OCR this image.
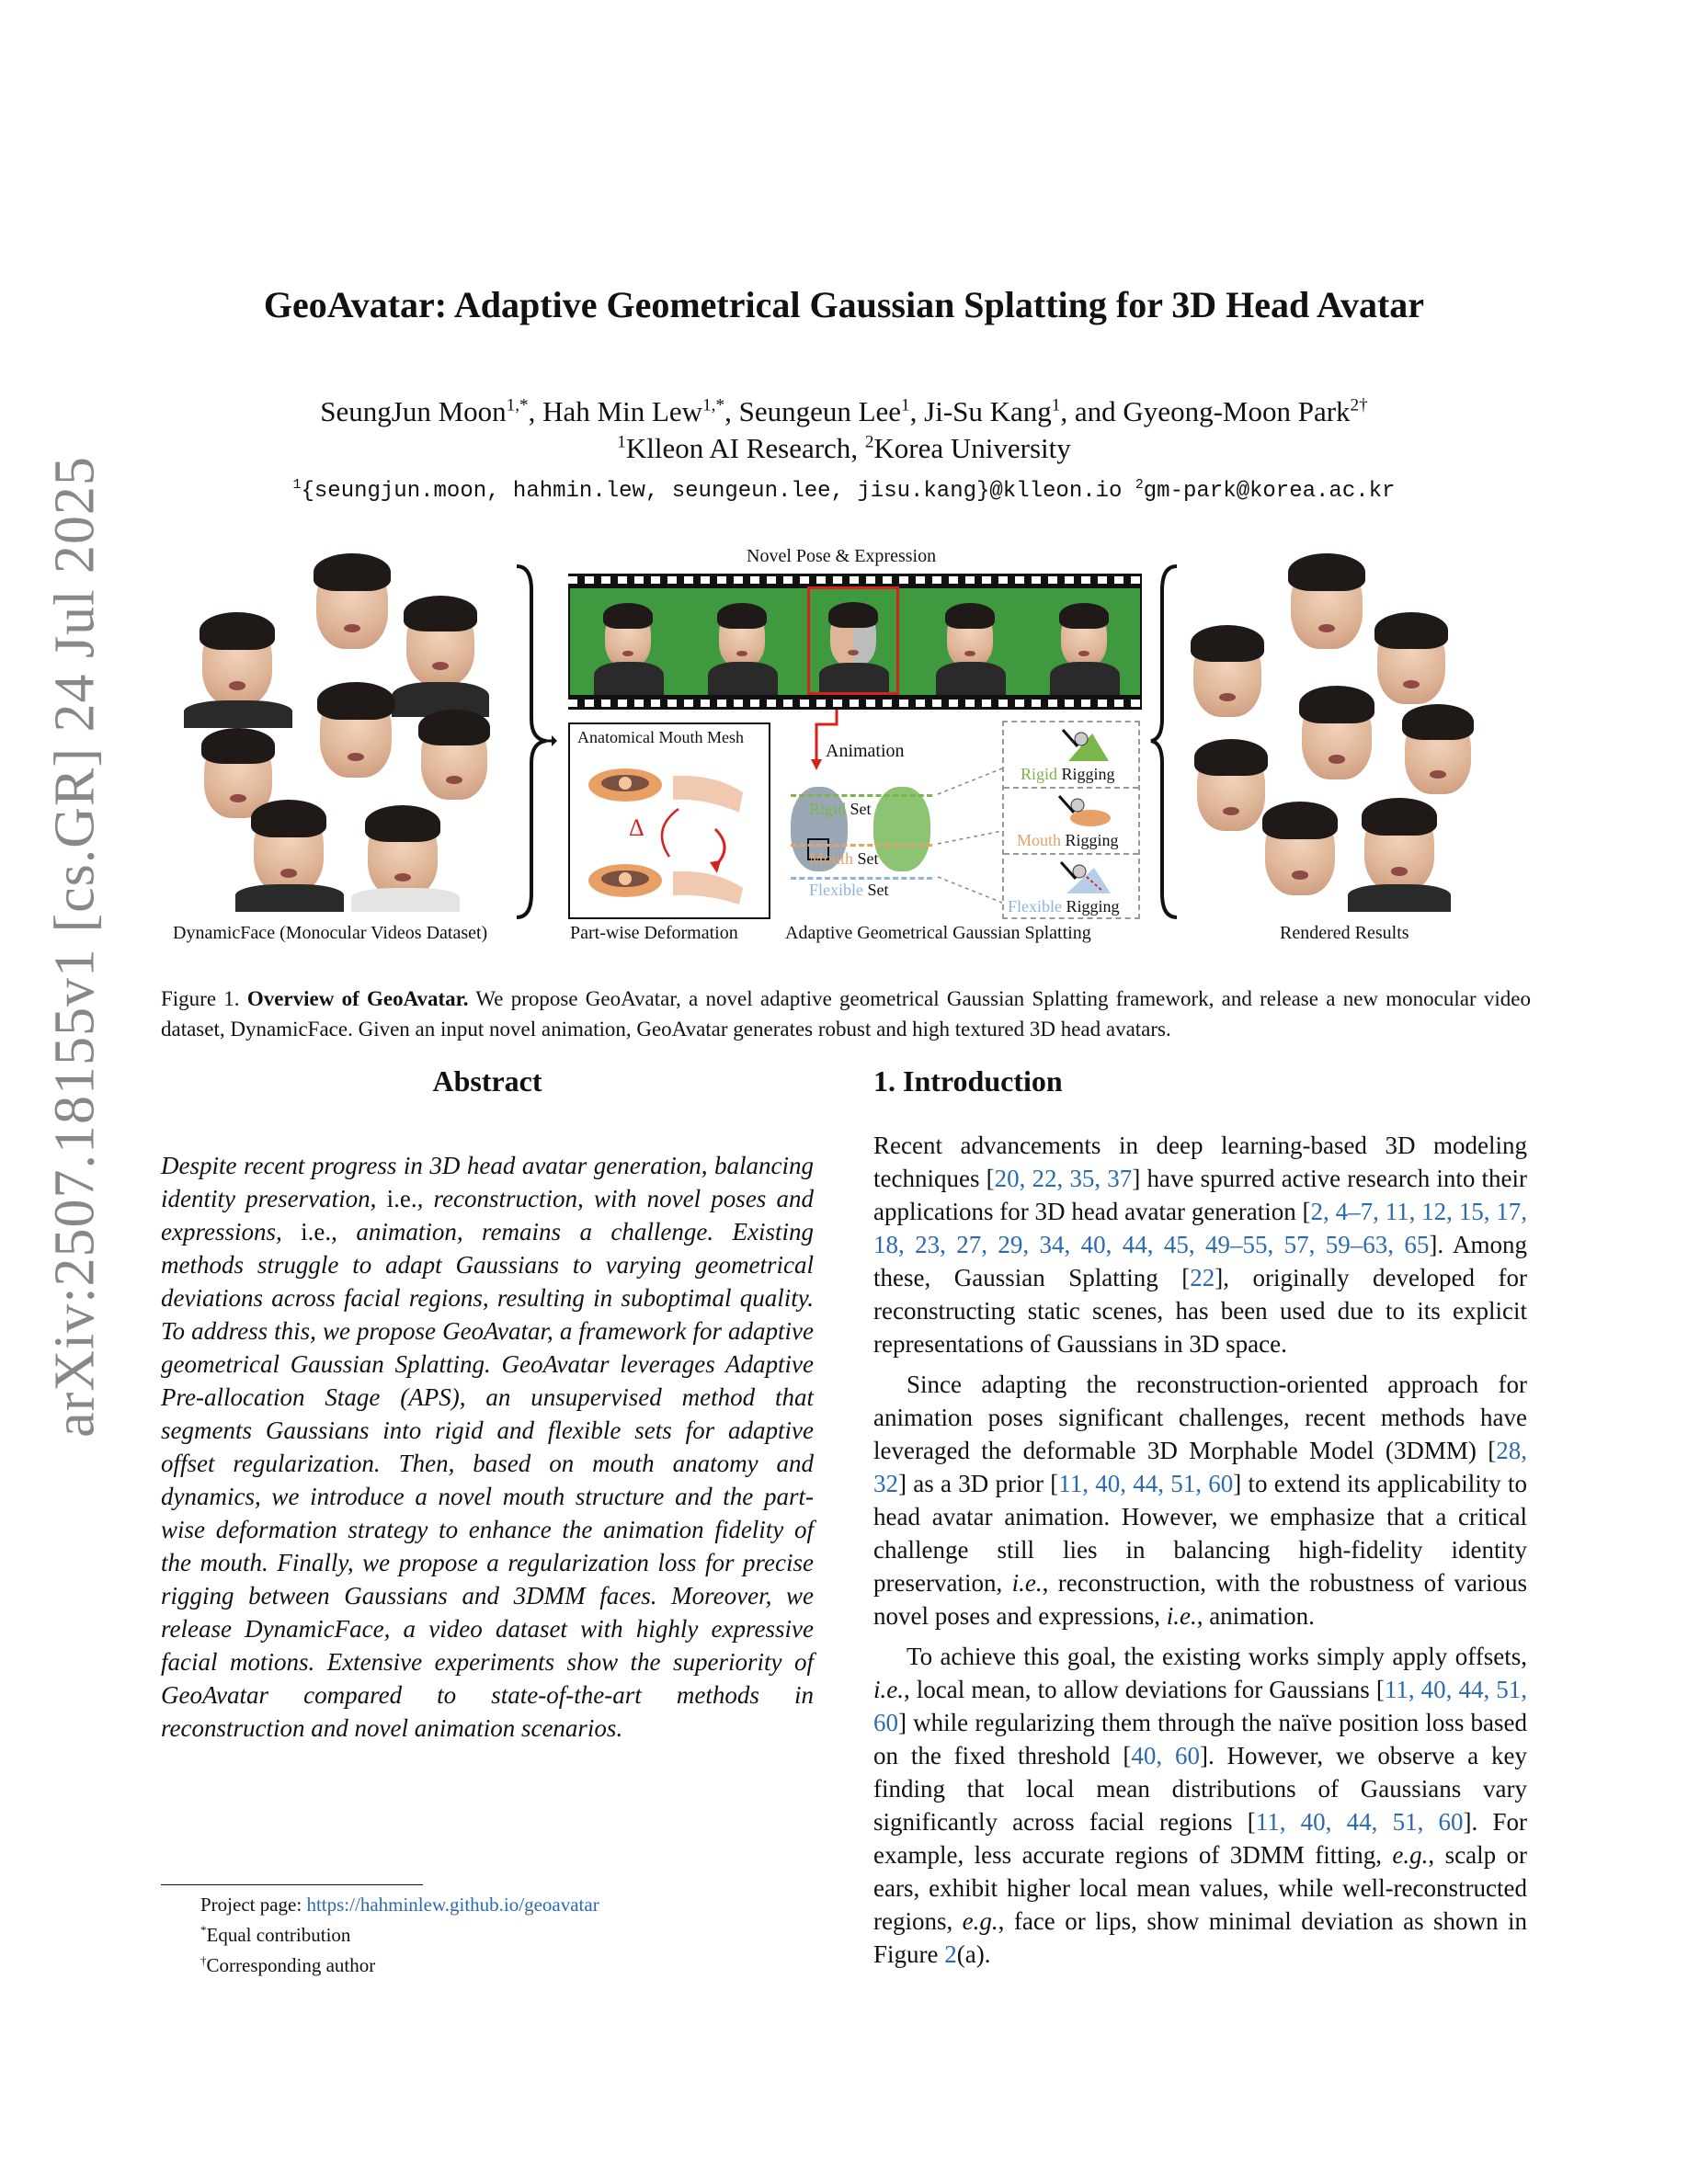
arXiv:2507.18155v1 [cs.GR] 24 Jul 2025
GeoAvatar: Adaptive Geometrical Gaussian Splatting for 3D Head Avatar
SeungJun Moon$^{1,*}$, Hah Min Lew$^{1,*}$, Seungeun Lee$^1$, Ji-Su Kang$^1$, and Gyeong-Moon Park$^{2\dagger}$
$^1$Klleon AI Research, $^2$Korea University
$^1${seungjun.moon, hahmin.lew, seungeun.lee, jisu.kang}@klleon.io $^2$gm-park@korea.ac.kr
Novel Pose & Expression
Animation
Anatomical Mouth Mesh
Δ
Rigid Set
Mouth Set
Flexible Set
Rigid Rigging
Mouth Rigging
Flexible Rigging
DynamicFace (Monocular Videos Dataset)	Part-wise Deformation	Adaptive Geometrical Gaussian Splatting	Rendered Results
Figure 1. Overview of GeoAvatar. We propose GeoAvatar, a novel adaptive geometrical Gaussian Splatting framework, and release a new monocular video dataset, DynamicFace. Given an input novel animation, GeoAvatar generates robust and high textured 3D head avatars.
Abstract
Despite recent progress in 3D head avatar generation, balancing identity preservation, i.e., reconstruction, with novel poses and expressions, i.e., animation, remains a challenge. Existing methods struggle to adapt Gaussians to varying geometrical deviations across facial regions, resulting in suboptimal quality. To address this, we propose GeoAvatar, a framework for adaptive geometrical Gaussian Splatting. GeoAvatar leverages Adaptive Pre-allocation Stage (APS), an unsupervised method that segments Gaussians into rigid and flexible sets for adaptive offset regularization. Then, based on mouth anatomy and dynamics, we introduce a novel mouth structure and the part-wise deformation strategy to enhance the animation fidelity of the mouth. Finally, we propose a regularization loss for precise rigging between Gaussians and 3DMM faces. Moreover, we release DynamicFace, a video dataset with highly expressive facial motions. Extensive experiments show the superiority of GeoAvatar compared to state-of-the-art methods in reconstruction and novel animation scenarios.
1. Introduction

Recent advancements in deep learning-based 3D modeling techniques [20, 22, 35, 37] have spurred active research into their applications for 3D head avatar generation [2, 4–7, 11, 12, 15, 17, 18, 23, 27, 29, 34, 40, 44, 45, 49–55, 57, 59–63, 65]. Among these, Gaussian Splatting [22], originally developed for reconstructing static scenes, has been used due to its explicit representations of Gaussians in 3D space.

Since adapting the reconstruction-oriented approach for animation poses significant challenges, recent methods have leveraged the deformable 3D Morphable Model (3DMM) [28, 32] as a 3D prior [11, 40, 44, 51, 60] to extend its applicability to head avatar animation. However, we emphasize that a critical challenge still lies in balancing high-fidelity identity preservation, i.e., reconstruction, with the robustness of various novel poses and expressions, i.e., animation.

To achieve this goal, the existing works simply apply offsets, i.e., local mean, to allow deviations for Gaussians [11, 40, 44, 51, 60] while regularizing them through the naïve position loss based on the fixed threshold [40, 60]. However, we observe a key finding that local mean distributions of Gaussians vary significantly across facial regions [11, 40, 44, 51, 60]. For example, less accurate regions of 3DMM fitting, e.g., scalp or ears, exhibit higher local mean values, while well-reconstructed regions, e.g., face or lips, show minimal deviation as shown in Figure 2(a).

Project page: https://hahminlew.github.io/geoavatar
*Equal contribution
†Corresponding author
